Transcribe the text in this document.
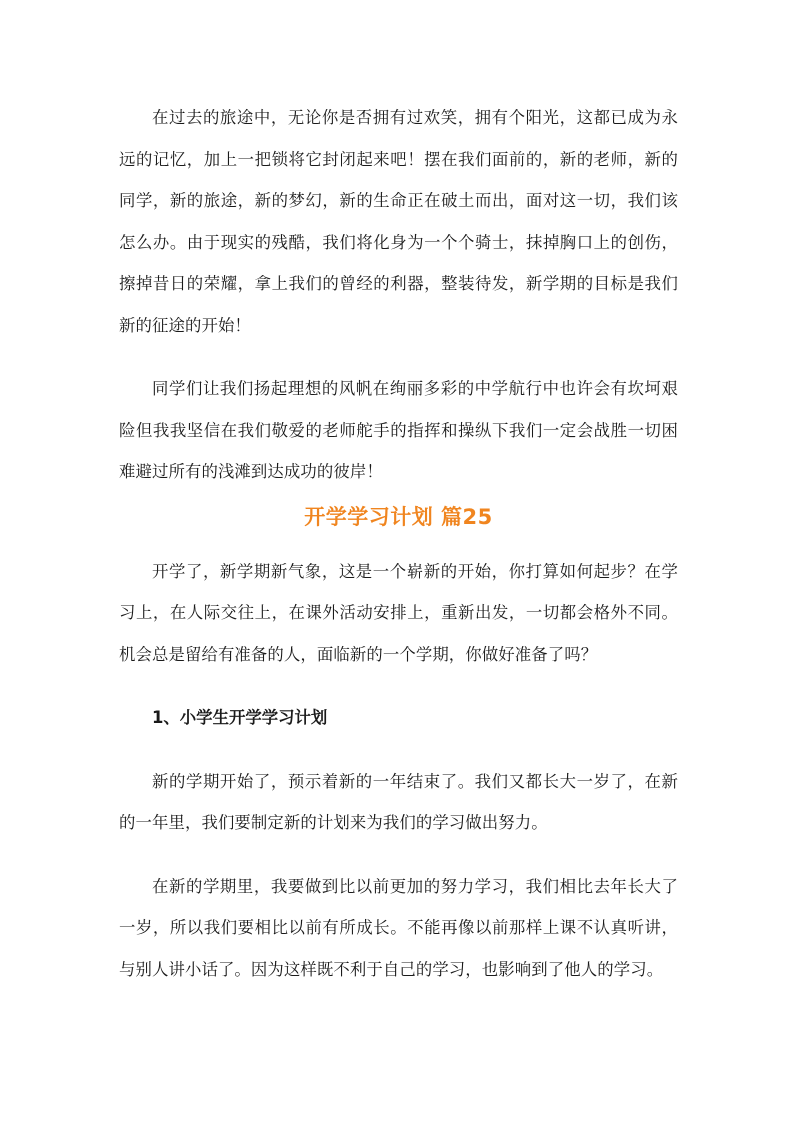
在过去的旅途中，无论你是否拥有过欢笑，拥有个阳光，这都已成为永远的记忆，加上一把锁将它封闭起来吧！摆在我们面前的，新的老师，新的同学，新的旅途，新的梦幻，新的生命正在破土而出，面对这一切，我们该怎么办。由于现实的残酷，我们将化身为一个个骑士，抹掉胸口上的创伤，擦掉昔日的荣耀，拿上我们的曾经的利器，整装待发，新学期的目标是我们新的征途的开始！

同学们让我们扬起理想的风帆在绚丽多彩的中学航行中也许会有坎坷艰险但我我坚信在我们敬爱的老师舵手的指挥和操纵下我们一定会战胜一切困难避过所有的浅滩到达成功的彼岸！

开学学习计划 篇25

开学了，新学期新气象，这是一个崭新的开始，你打算如何起步？在学习上，在人际交往上，在课外活动安排上，重新出发，一切都会格外不同。机会总是留给有准备的人，面临新的一个学期，你做好准备了吗？

1、小学生开学学习计划

新的学期开始了，预示着新的一年结束了。我们又都长大一岁了，在新的一年里，我们要制定新的计划来为我们的学习做出努力。

在新的学期里，我要做到比以前更加的努力学习，我们相比去年长大了一岁，所以我们要相比以前有所成长。不能再像以前那样上课不认真听讲，与别人讲小话了。因为这样既不利于自己的学习，也影响到了他人的学习。
